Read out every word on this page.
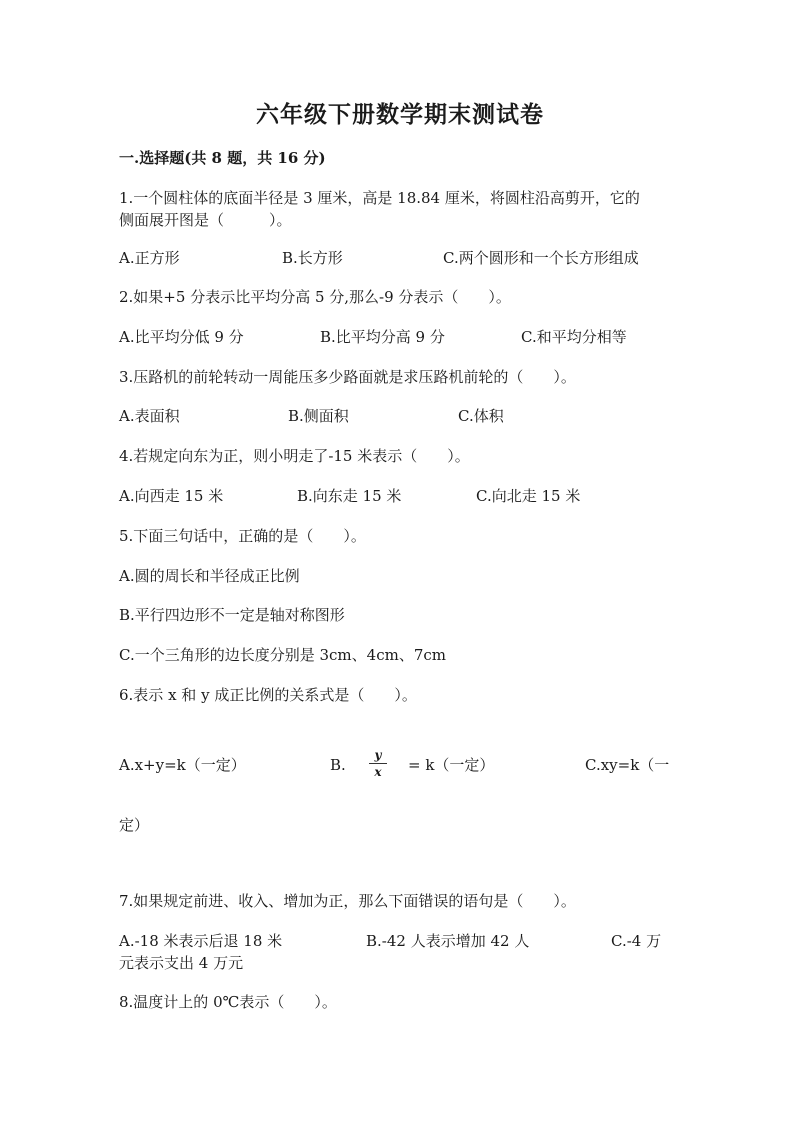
六年级下册数学期末测试卷
一.选择题(共 8 题，共 16 分)
1.一个圆柱体的底面半径是 3 厘米，高是 18.84 厘米，将圆柱沿高剪开，它的
侧面展开图是（　　　）。
A.正方形	B.长方形	C.两个圆形和一个长方形组成
2.如果+5 分表示比平均分高 5 分,那么-9 分表示（　　）。
A.比平均分低 9 分	B.比平均分高 9 分	C.和平均分相等
3.压路机的前轮转动一周能压多少路面就是求压路机前轮的（　　）。
A.表面积	B.侧面积	C.体积
4.若规定向东为正，则小明走了-15 米表示（　　）。
A.向西走 15 米	B.向东走 15 米	C.向北走 15 米
5.下面三句话中，正确的是（　　）。
A.圆的周长和半径成正比例
B.平行四边形不一定是轴对称图形
C.一个三角形的边长度分别是 3cm、4cm、7cm
6.表示 x 和 y 成正比例的关系式是（　　）。
A.x+y=k（一定）	B.
y
x	= k（一定）	C.xy=k（一
定）
7.如果规定前进、收入、增加为正，那么下面错误的语句是（　　）。
A.-18 米表示后退 18 米	B.-42 人表示增加 42 人	C.-4 万
元表示支出 4 万元
8.温度计上的 0℃表示（　　）。
